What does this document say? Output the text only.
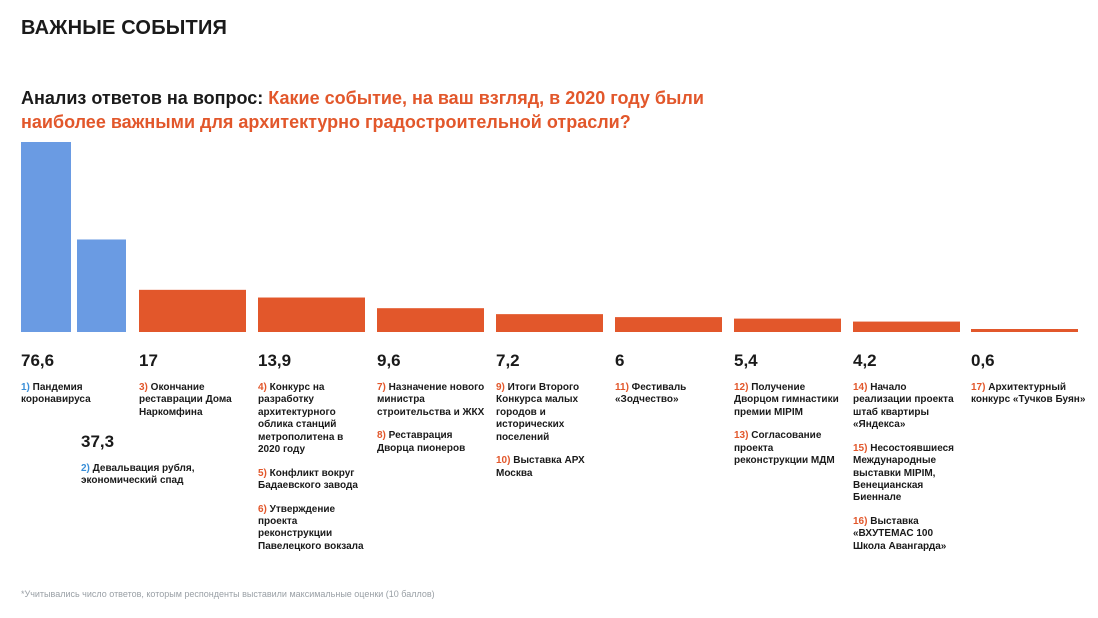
ВАЖНЫЕ СОБЫТИЯ
Анализ ответов на вопрос: Какие событие, на ваш взгляд, в 2020 году были наиболее важными для архитектурно градостроительной отрасли?
76,6
1) Пандемия коронавируса
37,3
2) Девальвация рубля, экономический спад
17
3) Окончание реставрации Дома Наркомфина
13,9
4) Конкурс на разработку архитектурного облика станций метрополитена в 2020 году
5) Конфликт вокруг Бадаевского завода
6) Утверждение проекта реконструкции Павелецкого вокзала
9,6
7) Назначение нового министра строительства и ЖКХ
8) Реставрация Дворца пионеров
7,2
9) Итоги Второго Конкурса малых городов и исторических поселений
10) Выставка АРХ Москва
6
11) Фестиваль «Зодчество»
5,4
12) Получение Дворцом гимнастики премии MIPIM
13) Согласование проекта реконструкции МДМ
4,2
14) Начало реализации проекта штаб квартиры «Яндекса»
15) Несостоявшиеся Международные выставки MIPIM, Венецианская Биеннале
16) Выставка «ВХУТЕМАС 100 Школа Авангарда»
0,6
17) Архитектурный конкурс «Тучков Буян»
*Учитывались число ответов, которым респонденты выставили максимальные оценки (10 баллов)
